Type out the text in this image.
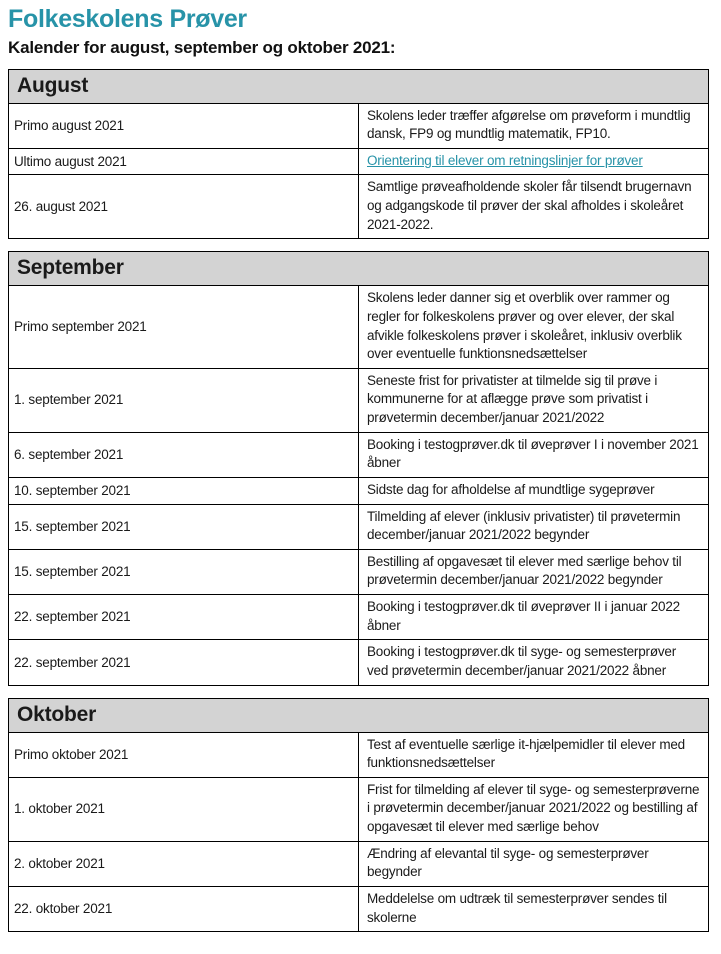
Folkeskolens Prøver
Kalender for august, september og oktober 2021:
August	
Primo august 2021	Skolens leder træffer afgørelse om prøveform i mundtlig dansk, FP9 og mundtlig matematik, FP10.
Ultimo august 2021	Orientering til elever om retningslinjer for prøver
26. august 2021	Samtlige prøveafholdende skoler får tilsendt brugernavn og adgangskode til prøver der skal afholdes i skoleåret 2021-2022.
September	
Primo september 2021	Skolens leder danner sig et overblik over rammer og regler for folkeskolens prøver og over elever, der skal afvikle folkeskolens prøver i skoleåret, inklusiv overblik over eventuelle funktionsnedsættelser
1. september 2021	Seneste frist for privatister at tilmelde sig til prøve i kommunerne for at aflægge prøve som privatist i prøvetermin december/januar 2021/2022
6. september 2021	Booking i testogprøver.dk til øveprøver I i november 2021 åbner
10. september 2021	Sidste dag for afholdelse af mundtlige sygeprøver
15. september 2021	Tilmelding af elever (inklusiv privatister) til prøvetermin december/januar 2021/2022 begynder
15. september 2021	Bestilling af opgavesæt til elever med særlige behov til prøvetermin december/januar 2021/2022 begynder
22. september 2021	Booking i testogprøver.dk til øveprøver II i januar 2022 åbner
22. september 2021	Booking i testogprøver.dk til syge- og semesterprøver ved prøvetermin december/januar 2021/2022 åbner
Oktober	
Primo oktober 2021	Test af eventuelle særlige it-hjælpemidler til elever med funktionsnedsættelser
1. oktober 2021	Frist for tilmelding af elever til syge- og semesterprøverne i prøvetermin december/januar 2021/2022 og bestilling af opgavesæt til elever med særlige behov
2. oktober 2021	Ændring af elevantal til syge- og semesterprøver begynder
22. oktober 2021	Meddelelse om udtræk til semesterprøver sendes til skolerne
